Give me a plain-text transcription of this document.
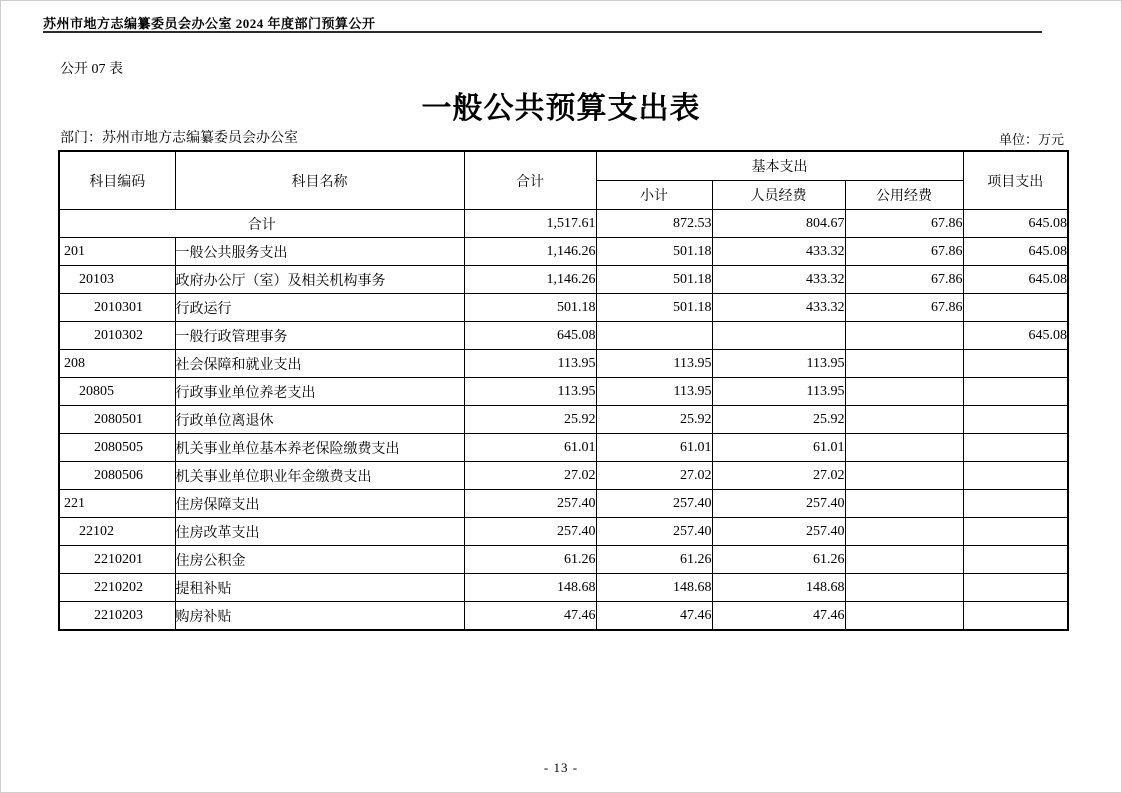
苏州市地方志编纂委员会办公室 2024 年度部门预算公开
公开 07 表
一般公共预算支出表
部门：苏州市地方志编纂委员会办公室	单位：万元
科目编码	科目名称	合计	基本支出			项目支出
			小计	人员经费	公用经费	
合计		1,517.61	872.53	804.67	67.86	645.08
201	一般公共服务支出	1,146.26	501.18	433.32	67.86	645.08
20103	政府办公厅（室）及相关机构事务	1,146.26	501.18	433.32	67.86	645.08
2010301	行政运行	501.18	501.18	433.32	67.86	
2010302	一般行政管理事务	645.08				645.08
208	社会保障和就业支出	113.95	113.95	113.95		
20805	行政事业单位养老支出	113.95	113.95	113.95		
2080501	行政单位离退休	25.92	25.92	25.92		
2080505	机关事业单位基本养老保险缴费支出	61.01	61.01	61.01		
2080506	机关事业单位职业年金缴费支出	27.02	27.02	27.02		
221	住房保障支出	257.40	257.40	257.40		
22102	住房改革支出	257.40	257.40	257.40		
2210201	住房公积金	61.26	61.26	61.26		
2210202	提租补贴	148.68	148.68	148.68		
2210203	购房补贴	47.46	47.46	47.46		
- 13 -
